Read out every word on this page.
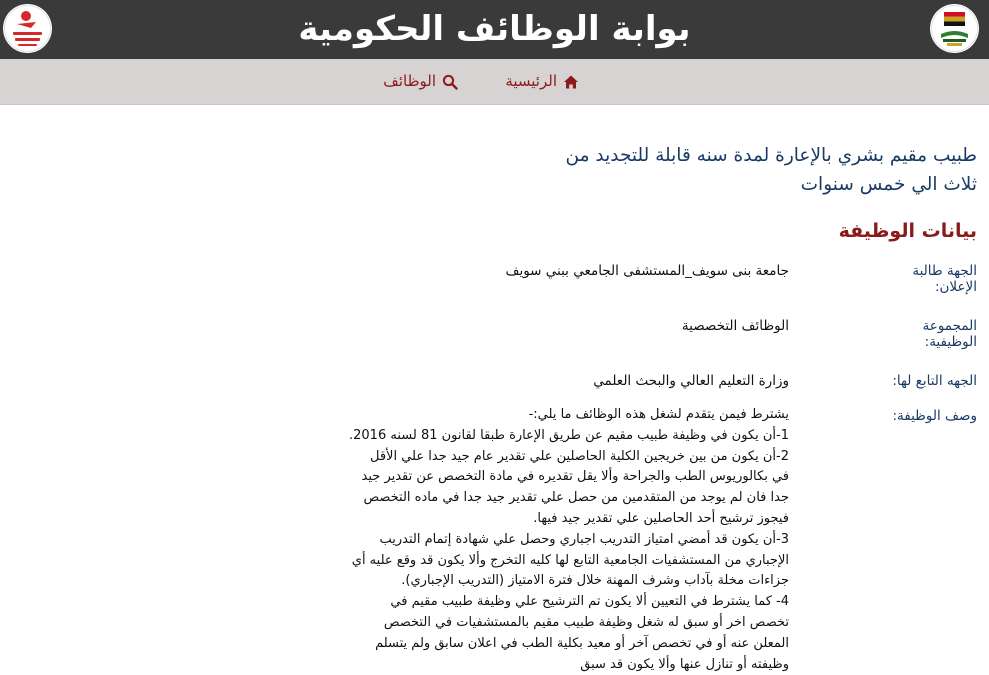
بوابة الوظائف الحكومية
الرئيسية
الوظائف
طبيب مقيم بشري بالإعارة لمدة سنه قابلة للتجديد من ثلاث الي خمس سنوات
بيانات الوظيفة
الجهة طالبة الإعلان:
جامعة بنى سويف_المستشفى الجامعي ببني سويف
المجموعة الوظيفية:
الوظائف التخصصية
الجهه التابع لها:
وزارة التعليم العالي والبحث العلمي
وصف الوظيفة:
يشترط فيمن يتقدم لشغل هذه الوظائف ما يلي:-
1-أن يكون في وظيفة طبيب مقيم عن طريق الإعارة طبقا لقانون 81 لسنه 2016.
2-أن يكون من بين خريجين الكلية الحاصلين علي تقدير عام جيد جدا علي الأقل في بكالوريوس الطب والجراحة وألا يقل تقديره في مادة التخصص عن تقدير جيد جدا فان لم يوجد من المتقدمين من حصل علي تقدير جيد جدا في ماده التخصص فيجوز ترشيح أحد الحاصلين علي تقدير جيد فيها.
3-أن يكون قد أمضي امتياز التدريب اجباري وحصل علي شهادة إتمام التدريب الإجباري من المستشفيات الجامعية التابع لها كليه التخرج وألا يكون قد وقع عليه أي جزاءات مخلة بآداب وشرف المهنة خلال فترة الامتياز (التدريب الإجباري).
4- كما يشترط في التعيين ألا يكون تم الترشيح علي وظيفة طبيب مقيم في تخصص اخر أو سبق له شغل وظيفة طبيب مقيم بالمستشفيات في التخصص المعلن عنه أو في تخصص آخر أو معيد بكلية الطب في اعلان سابق ولم يتسلم وظيفته أو تنازل عنها وألا يكون قد سبق
